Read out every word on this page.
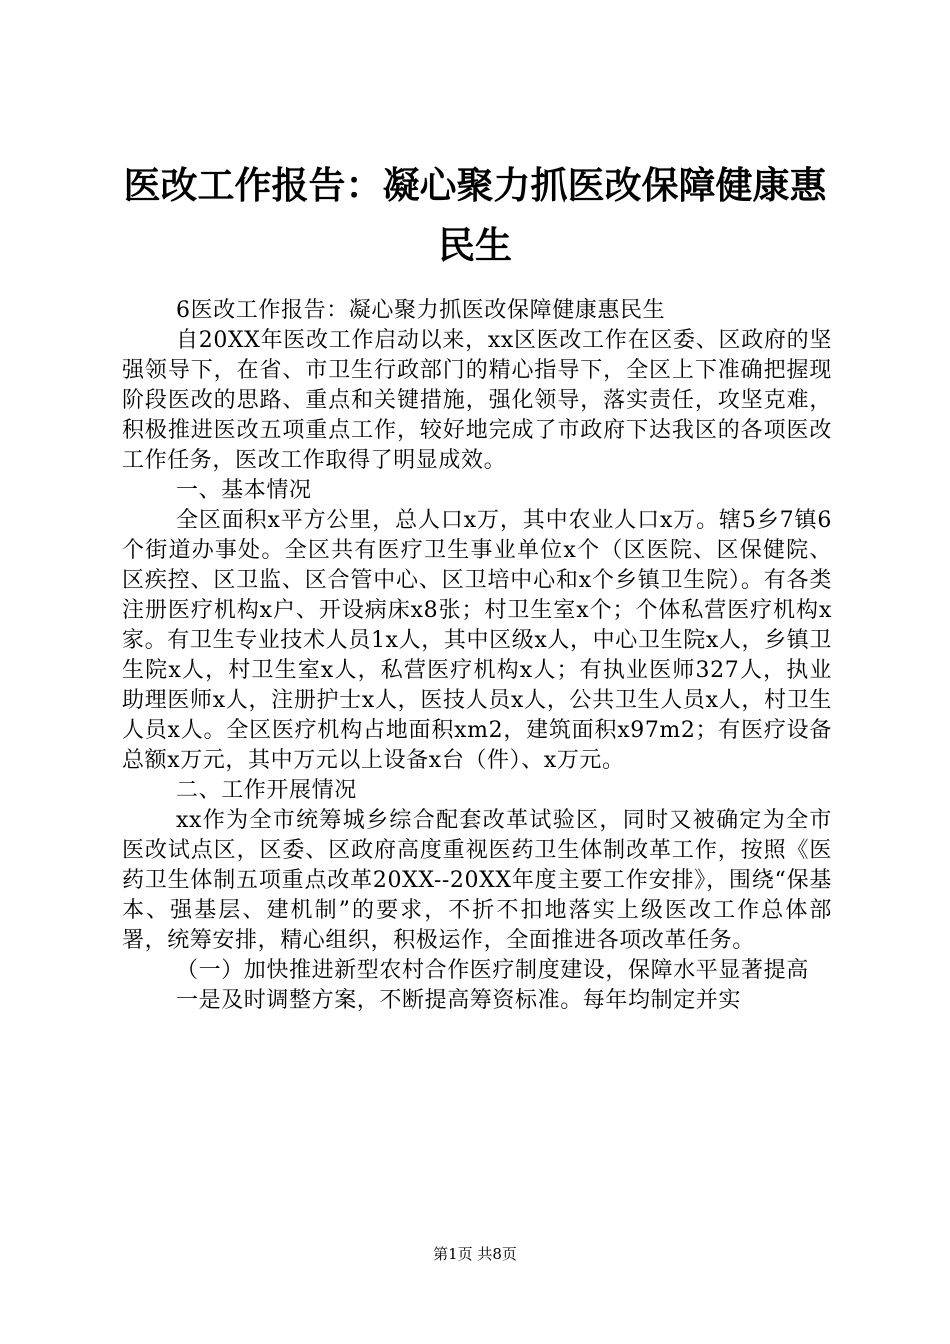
医改工作报告：凝心聚力抓医改保障健康惠民生

6医改工作报告：凝心聚力抓医改保障健康惠民生

自20XX年医改工作启动以来，xx区医改工作在区委、区政府的坚强领导下，在省、市卫生行政部门的精心指导下，全区上下准确把握现阶段医改的思路、重点和关键措施，强化领导，落实责任，攻坚克难，积极推进医改五项重点工作，较好地完成了市政府下达我区的各项医改工作任务，医改工作取得了明显成效。

一、基本情况

全区面积x平方公里，总人口x万，其中农业人口x万。辖5乡7镇6个街道办事处。全区共有医疗卫生事业单位x个（区医院、区保健院、区疾控、区卫监、区合管中心、区卫培中心和x个乡镇卫生院）。有各类注册医疗机构x户、开设病床x8张；村卫生室x个；个体私营医疗机构x家。有卫生专业技术人员1x人，其中区级x人，中心卫生院x人，乡镇卫生院x人，村卫生室x人，私营医疗机构x人；有执业医师327人，执业助理医师x人，注册护士x人，医技人员x人，公共卫生人员x人，村卫生人员x人。全区医疗机构占地面积xm2，建筑面积x97m2；有医疗设备总额x万元，其中万元以上设备x台（件）、x万元。

二、工作开展情况

xx作为全市统筹城乡综合配套改革试验区，同时又被确定为全市医改试点区，区委、区政府高度重视医药卫生体制改革工作，按照《医药卫生体制五项重点改革20XX--20XX年度主要工作安排》，围绕“保基本、强基层、建机制”的要求，不折不扣地落实上级医改工作总体部署，统筹安排，精心组织，积极运作，全面推进各项改革任务。

（一）加快推进新型农村合作医疗制度建设，保障水平显著提高

一是及时调整方案，不断提高筹资标准。每年均制定并实

第1页 共8页
